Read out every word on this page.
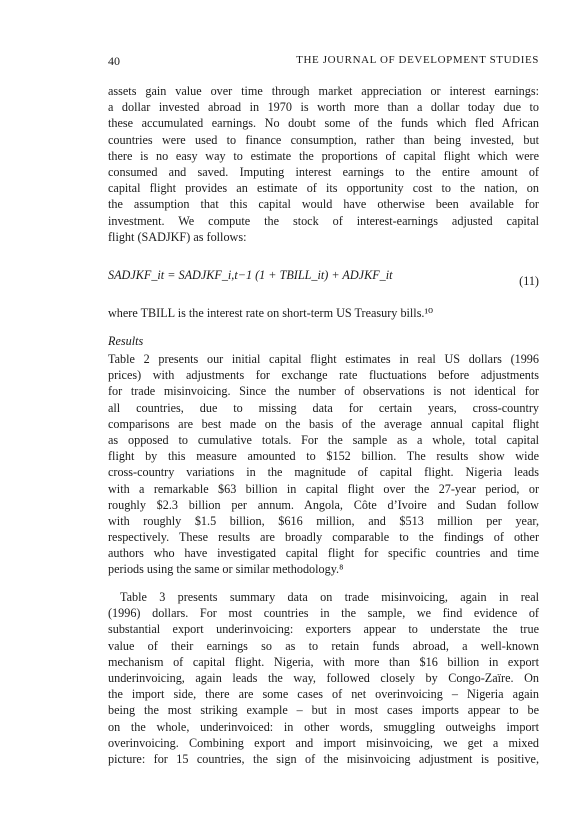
40	THE JOURNAL OF DEVELOPMENT STUDIES
assets gain value over time through market appreciation or interest earnings:
a dollar invested abroad in 1970 is worth more than a dollar today due to
these accumulated earnings. No doubt some of the funds which fled African
countries were used to finance consumption, rather than being invested, but
there is no easy way to estimate the proportions of capital flight which were
consumed and saved. Imputing interest earnings to the entire amount of
capital flight provides an estimate of its opportunity cost to the nation, on
the assumption that this capital would have otherwise been available for
investment. We compute the stock of interest-earnings adjusted capital
flight (SADJKF) as follows:
SADJKF_it = SADJKF_i,t−1 (1 + TBILL_it) + ADJKF_it	(11)
where TBILL is the interest rate on short-term US Treasury bills.¹⁰
Results
Table 2 presents our initial capital flight estimates in real US dollars (1996
prices) with adjustments for exchange rate fluctuations before adjustments
for trade misinvoicing. Since the number of observations is not identical for
all countries, due to missing data for certain years, cross-country
comparisons are best made on the basis of the average annual capital flight
as opposed to cumulative totals. For the sample as a whole, total capital
flight by this measure amounted to $152 billion. The results show wide
cross-country variations in the magnitude of capital flight. Nigeria leads
with a remarkable $63 billion in capital flight over the 27-year period, or
roughly $2.3 billion per annum. Angola, Côte d’Ivoire and Sudan follow
with roughly $1.5 billion, $616 million, and $513 million per year,
respectively. These results are broadly comparable to the findings of other
authors who have investigated capital flight for specific countries and time
periods using the same or similar methodology.⁸
Table 3 presents summary data on trade misinvoicing, again in real
(1996) dollars. For most countries in the sample, we find evidence of
substantial export underinvoicing: exporters appear to understate the true
value of their earnings so as to retain funds abroad, a well-known
mechanism of capital flight. Nigeria, with more than $16 billion in export
underinvoicing, again leads the way, followed closely by Congo-Zaïre. On
the import side, there are some cases of net overinvoicing – Nigeria again
being the most striking example – but in most cases imports appear to be
on the whole, underinvoiced: in other words, smuggling outweighs import
overinvoicing. Combining export and import misinvoicing, we get a mixed
picture: for 15 countries, the sign of the misinvoicing adjustment is positive,
